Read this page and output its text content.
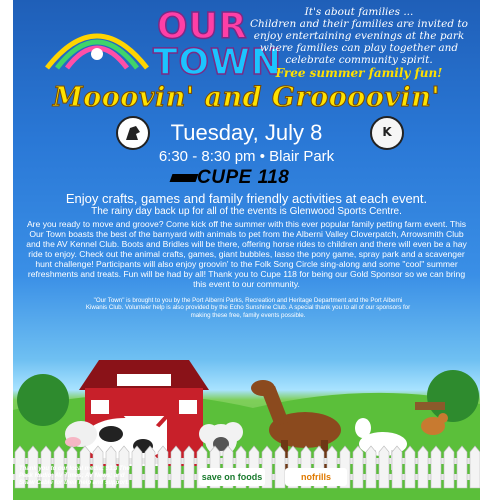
OUR
TOWN
It's about families ...
Children and their families are invited to
enjoy entertaining evenings at the park
where families can play together and
celebrate community spirit.
Free summer family fun!
Mooovin' and Groooovin'
K
Tuesday, July 8
6:30 - 8:30 pm • Blair Park
CUPE 118
Enjoy crafts, games and family friendly activities at each event.
The rainy day back up for all of the events is Glenwood Sports Centre.
Are you ready to move and groove? Come kick off the summer with this ever popular family petting farm event. This Our Town boasts the best of the barnyard with animals to pet from the Alberni Valley Cloverpatch, Arrowsmith Club and the AV Kennel Club. Boots and Bridles will be there, offering horse rides to children and there will even be a hay ride to enjoy. Check out the animal crafts, games, giant bubbles, lasso the pony game, spray park and a scavenger hunt challenge! Participants will also enjoy groovin' to the Folk Song Circle sing-along and some "cool" summer refreshments and treats. Fun will be had by all! Thank you to Cupe 118 for being our Gold Sponsor so we can bring this event to our community.
"Our Town" is brought to you by the Port Alberni Parks, Recreation and Heritage Department and the Port Alberni Kiwanis Club. Volunteer help is also provided by the Echo Sunshine Club. A special thank you to all of our sponsors for making these free, family events possible.
Thank you to our local media: 93.3 The Peak Radio; AV Times; AV News; and Shaw Cable for their help and support.
save on foods	nofrills
